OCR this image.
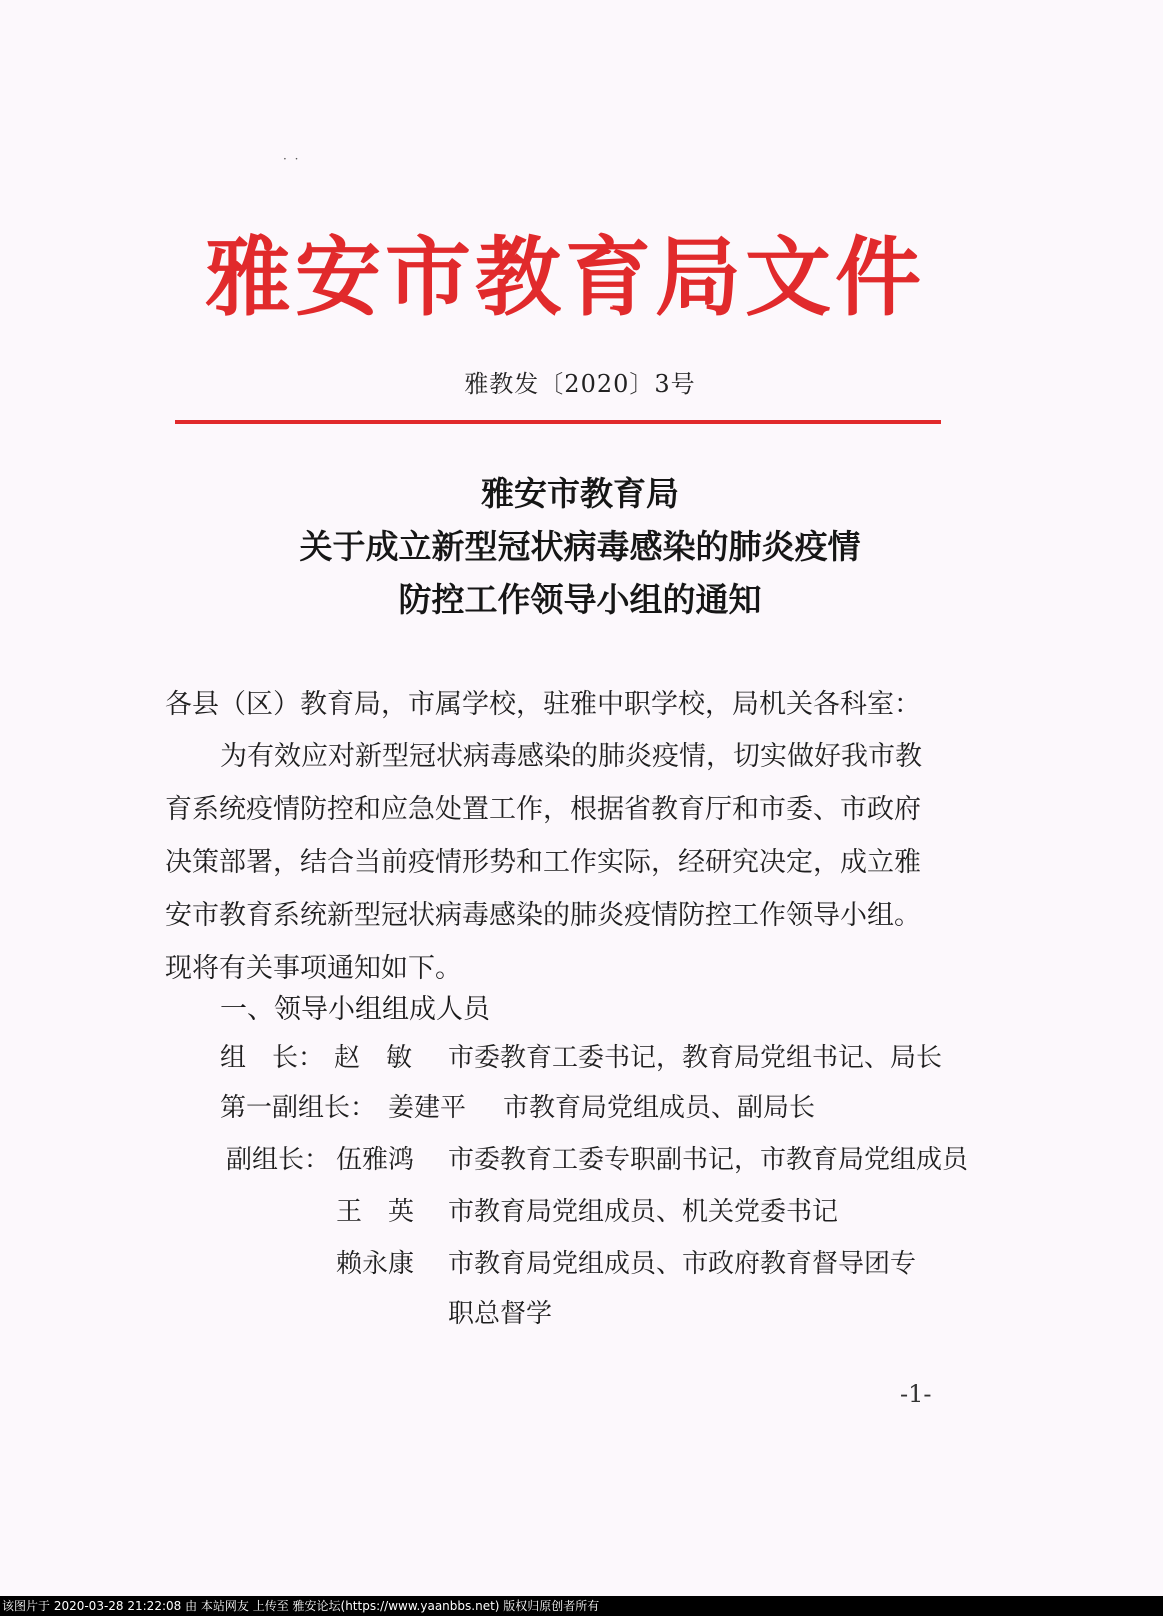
· ·
雅安市教育局文件
雅教发〔2020〕3号
雅安市教育局
关于成立新型冠状病毒感染的肺炎疫情
防控工作领导小组的通知
各县（区）教育局，市属学校，驻雅中职学校，局机关各科室：
为有效应对新型冠状病毒感染的肺炎疫情，切实做好我市教
育系统疫情防控和应急处置工作，根据省教育厅和市委、市政府
决策部署，结合当前疫情形势和工作实际，经研究决定，成立雅
安市教育系统新型冠状病毒感染的肺炎疫情防控工作领导小组。
现将有关事项通知如下。
一、领导小组组成人员
组　长： 赵　敏 市委教育工委书记，教育局党组书记、局长
第一副组长： 姜建平 市教育局党组成员、副局长
副组长： 伍雅鸿 市委教育工委专职副书记，市教育局党组成员
王　英 市教育局党组成员、机关党委书记
赖永康 市教育局党组成员、市政府教育督导团专
职总督学
-1-
该图片于 2020-03-28 21:22:08 由 本站网友 上传至 雅安论坛(https://www.yaanbbs.net) 版权归原创者所有
